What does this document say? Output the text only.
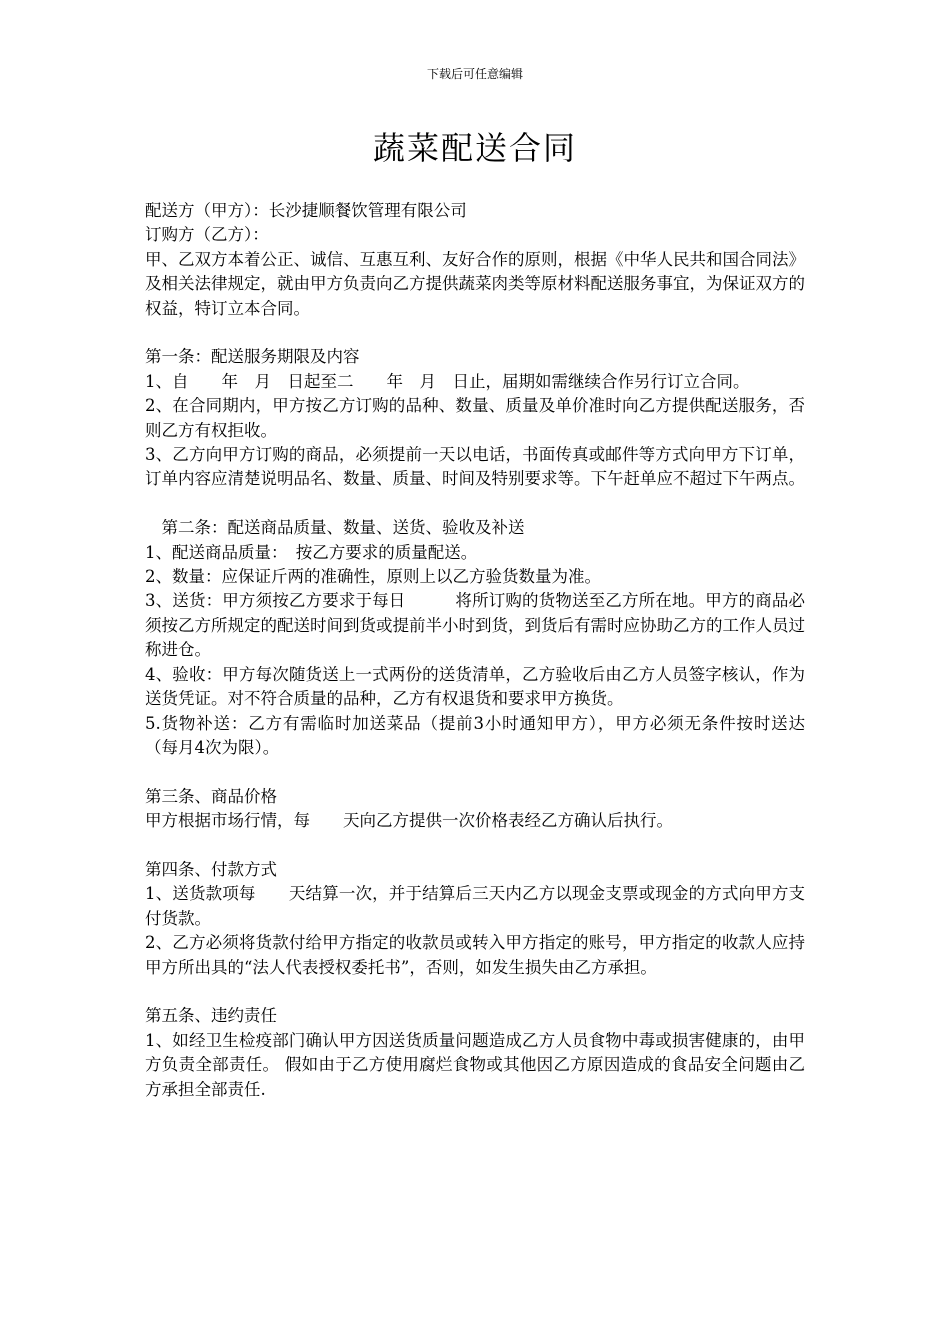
下载后可任意编辑
蔬菜配送合同

配送方（甲方）：长沙捷顺餐饮管理有限公司

订购方（乙方）：

甲、乙双方本着公正、诚信、互惠互利、友好合作的原则，根据《中华人民共和国合同法》及相关法律规定，就由甲方负责向乙方提供蔬菜肉类等原材料配送服务事宜，为保证双方的权益，特订立本合同。

第一条：配送服务期限及内容

1、自　　年　月　日起至二　　年　月　日止，届期如需继续合作另行订立合同。

2、在合同期内，甲方按乙方订购的品种、数量、质量及单价准时向乙方提供配送服务，否则乙方有权拒收。

3、乙方向甲方订购的商品，必须提前一天以电话，书面传真或邮件等方式向甲方下订单，订单内容应清楚说明品名、数量、质量、时间及特别要求等。下午赶单应不超过下午两点。

　第二条：配送商品质量、数量、送货、验收及补送

1、配送商品质量：　按乙方要求的质量配送。

2、数量：应保证斤两的准确性，原则上以乙方验货数量为准。

3、送货：甲方须按乙方要求于每日　　　将所订购的货物送至乙方所在地。甲方的商品必须按乙方所规定的配送时间到货或提前半小时到货，到货后有需时应协助乙方的工作人员过称进仓。

4、验收：甲方每次随货送上一式两份的送货清单，乙方验收后由乙方人员签字核认，作为送货凭证。对不符合质量的品种，乙方有权退货和要求甲方换货。

5.货物补送：乙方有需临时加送菜品（提前3小时通知甲方），甲方必须无条件按时送达（每月4次为限）。

第三条、商品价格

甲方根据市场行情，每　　天向乙方提供一次价格表经乙方确认后执行。

第四条、付款方式

1、送货款项每　　天结算一次，并于结算后三天内乙方以现金支票或现金的方式向甲方支付货款。

2、乙方必须将货款付给甲方指定的收款员或转入甲方指定的账号，甲方指定的收款人应持甲方所出具的“法人代表授权委托书”，否则，如发生损失由乙方承担。

第五条、违约责任

1、如经卫生检疫部门确认甲方因送货质量问题造成乙方人员食物中毒或损害健康的，由甲方负责全部责任。 假如由于乙方使用腐烂食物或其他因乙方原因造成的食品安全问题由乙方承担全部责任.
